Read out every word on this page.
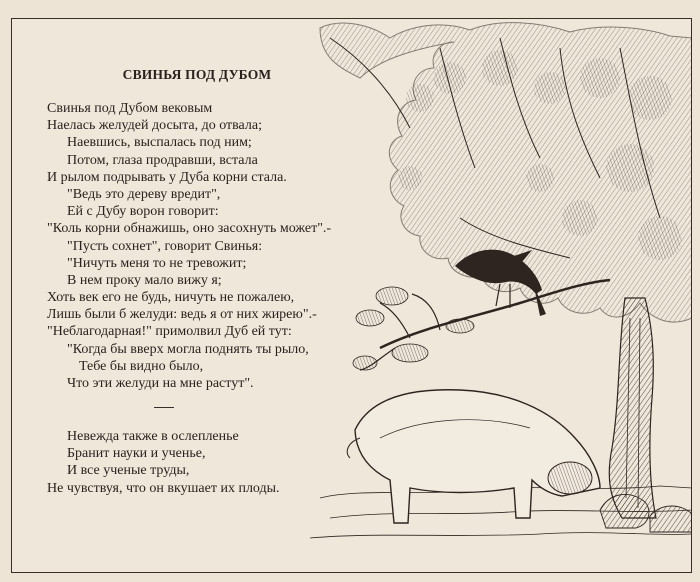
СВИНЬЯ ПОД ДУБОМ
Свинья под Дубом вековым
Наелась желудей досыта, до отвала;
Наевшись, выспалась под ним;
Потом, глаза продравши, встала
И рылом подрывать у Дуба корни стала.
"Ведь это дереву вредит",
Ей с Дубу ворон говорит:
"Коль корни обнажишь, оно засохнуть может".-
"Пусть сохнет", говорит Свинья:
"Ничуть меня то не тревожит;
В нем проку мало вижу я;
Хоть век его не будь, ничуть не пожалею,
Лишь были б желуди: ведь я от них жирею".-
"Неблагодарная!" примолвил Дуб ей тут:
"Когда бы вверх могла поднять ты рыло,
Тебе бы видно было,
Что эти желуди на мне растут".
Невежда также в ослепленье
Бранит науки и ученье,
И все ученые труды,
Не чувствуя, что он вкушает их плоды.
